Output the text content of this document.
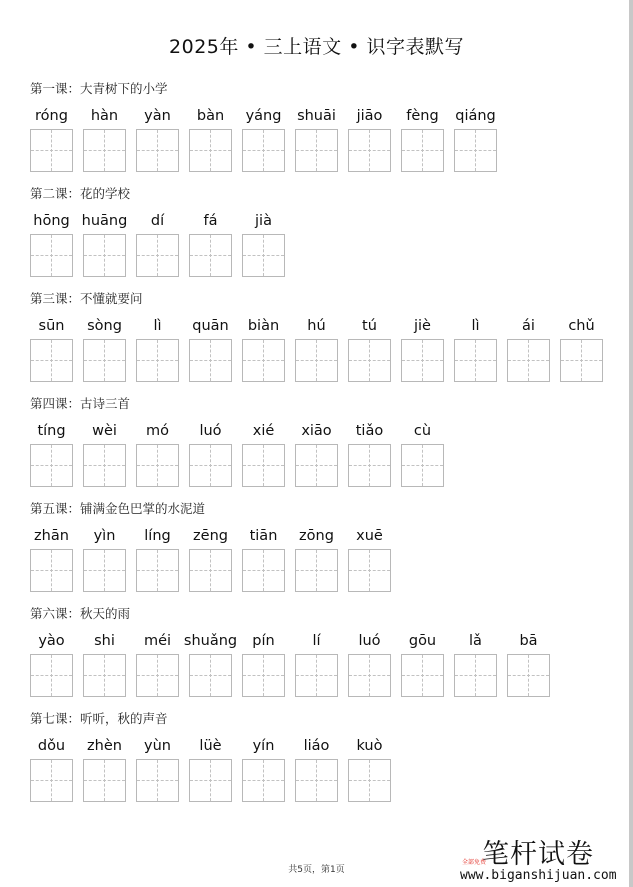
2025年 • 三上语文 • 识字表默写
第一课：大青树下的小学
róng	hàn	yàn	bàn	yáng	shuāi	jiāo	fèng	qiáng
第二课：花的学校
hōng huāng	dí	fá	jià
第三课：不懂就要问
sūn	sòng	lì	quān	biàn	hú	tú	jiè	lì	ái	chǔ
第四课：古诗三首
tíng	wèi	mó	luó	xié	xiāo	tiǎo	cù
第五课：铺满金色巴掌的水泥道
zhān	yìn	líng	zēng	tiān	zōng	xuē
第六课：秋天的雨
yào	shi	méi shuǎng	pín	lí	luó	gōu	lǎ	bā
第七课：听听，秋的声音
dǒu	zhèn	yùn	lüè	yín	liáo	kuò
共5页，第1页
全部免费
笔杆试卷
www.biganshijuan.com
